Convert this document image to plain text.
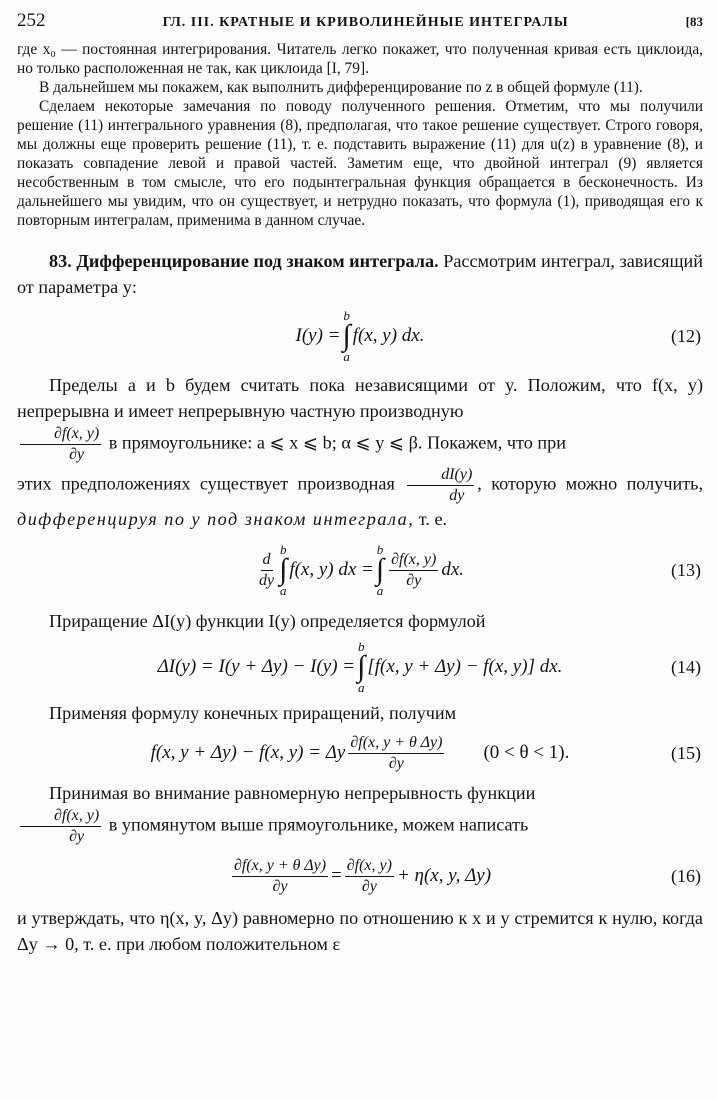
252	ГЛ. III. КРАТНЫЕ И КРИВОЛИНЕЙНЫЕ ИНТЕГРАЛЫ	[83

где x₀ — постоянная интегрирования. Читатель легко покажет, что полученная кривая есть циклоида, но только расположенная не так, как циклоида [I, 79].

В дальнейшем мы покажем, как выполнить дифференцирование по z в общей формуле (11).

Сделаем некоторые замечания по поводу полученного решения. Отметим, что мы получили решение (11) интегрального уравнения (8), предполагая, что такое решение существует. Строго говоря, мы должны еще проверить решение (11), т. е. подставить выражение (11) для u(z) в уравнение (8), и показать совпадение левой и правой частей. Заметим еще, что двойной интеграл (9) является несобственным в том смысле, что его подынтегральная функция обращается в бесконечность. Из дальнейшего мы увидим, что он существует, и нетрудно показать, что формула (1), приводящая его к повторным интегралам, применима в данном случае.

83. Дифференцирование под знаком интеграла. Рассмотрим интеграл, зависящий от параметра y:

I(y) =
b
∫
a
f(x, y) dx.	(12)

Пределы a и b будем считать пока независящими от y. Положим, что f(x, y) непрерывна и имеет непрерывную частную производную

$\frac{\partial f(x, y)}{\partial y}$ в прямоугольнике: a ⩽ x ⩽ b; α ⩽ y ⩽ β. Покажем, что при
этих предположениях существует производная $\frac{dI(y)}{dy}$ , которую можно получить, дифференцируя по y под знаком интеграла, т. е.

$\frac{d}{dy}$ b
∫
a
f(x, y) dx =
b
∫
a $\frac{\partial f(x, y)}{\partial y}$ dx.	(13)

Приращение ΔI(y) функции I(y) определяется формулой

ΔI(y) = I(y + Δy) − I(y) =
b
∫
a
[f(x, y + Δy) − f(x, y)] dx.	(14)

Применяя формулу конечных приращений, получим

f(x, y + Δy) − f(x, y) = Δy $\frac{\text{∂f(x, y + θ Δy)}}{\partial y} (0 < \theta < 1)$.	(15)

Принимая во внимание равномерную непрерывность функции

$\frac{\partial f(x, y)}{\partial y}$ в упомянутом выше прямоугольнике, можем написать

$\frac{\text{∂f(x, y + θ Δy)}}{\partial y} = \frac{\partial f(x, y)}{\partial y} + \eta(x$, y, Δy)	(16)

и утверждать, что η(x, y, Δy) равномерно по отношению к x и y стремится к нулю, когда Δy → 0, т. е. при любом положительном ε
